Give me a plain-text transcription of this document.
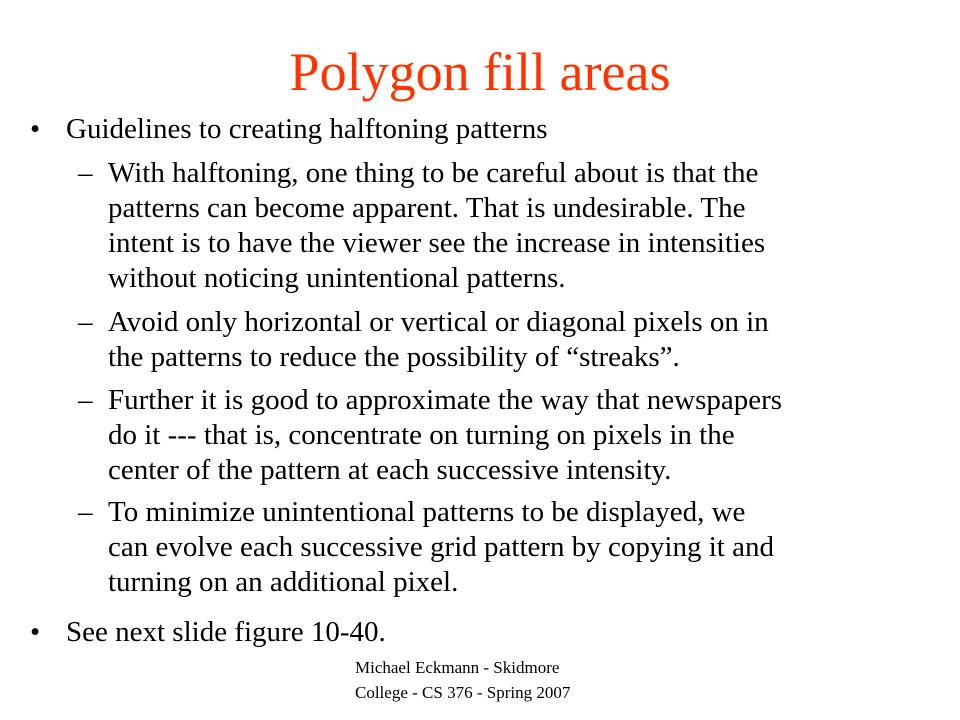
Polygon fill areas
• Guidelines to creating halftoning patterns
– With halftoning, one thing to be careful about is that the
patterns can become apparent. That is undesirable. The
intent is to have the viewer see the increase in intensities
without noticing unintentional patterns.
– Avoid only horizontal or vertical or diagonal pixels on in
the patterns to reduce the possibility of “streaks”.
– Further it is good to approximate the way that newspapers
do it --- that is, concentrate on turning on pixels in the
center of the pattern at each successive intensity.
– To minimize unintentional patterns to be displayed, we
can evolve each successive grid pattern by copying it and
turning on an additional pixel.
• See next slide figure 10-40.
Michael Eckmann - Skidmore
College - CS 376 - Spring 2007
